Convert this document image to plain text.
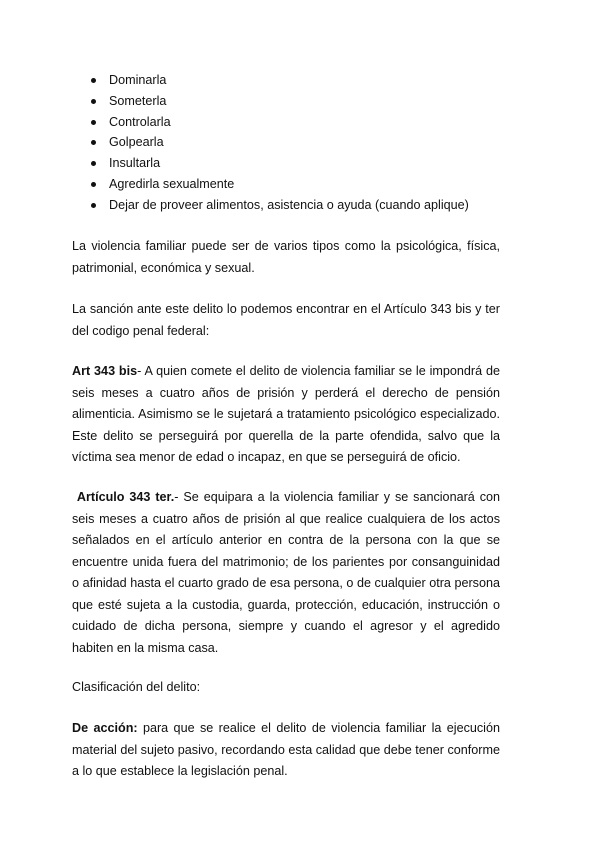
Dominarla
Someterla
Controlarla
Golpearla
Insultarla
Agredirla sexualmente
Dejar de proveer alimentos, asistencia o ayuda (cuando aplique)

La violencia familiar puede ser de varios tipos como la psicológica, física, patrimonial, económica y sexual.

La sanción ante este delito lo podemos encontrar en el Artículo 343 bis y ter del codigo penal federal:

Art 343 bis- A quien comete el delito de violencia familiar se le impondrá de seis meses a cuatro años de prisión y perderá el derecho de pensión alimenticia. Asimismo se le sujetará a tratamiento psicológico especializado. Este delito se perseguirá por querella de la parte ofendida, salvo que la víctima sea menor de edad o incapaz, en que se perseguirá de oficio.

Artículo 343 ter.- Se equipara a la violencia familiar y se sancionará con seis meses a cuatro años de prisión al que realice cualquiera de los actos señalados en el artículo anterior en contra de la persona con la que se encuentre unida fuera del matrimonio; de los parientes por consanguinidad o afinidad hasta el cuarto grado de esa persona, o de cualquier otra persona que esté sujeta a la custodia, guarda, protección, educación, instrucción o cuidado de dicha persona, siempre y cuando el agresor y el agredido habiten en la misma casa.

Clasificación del delito:

De acción: para que se realice el delito de violencia familiar la ejecución material del sujeto pasivo, recordando esta calidad que debe tener conforme a lo que establece la legislación penal.
